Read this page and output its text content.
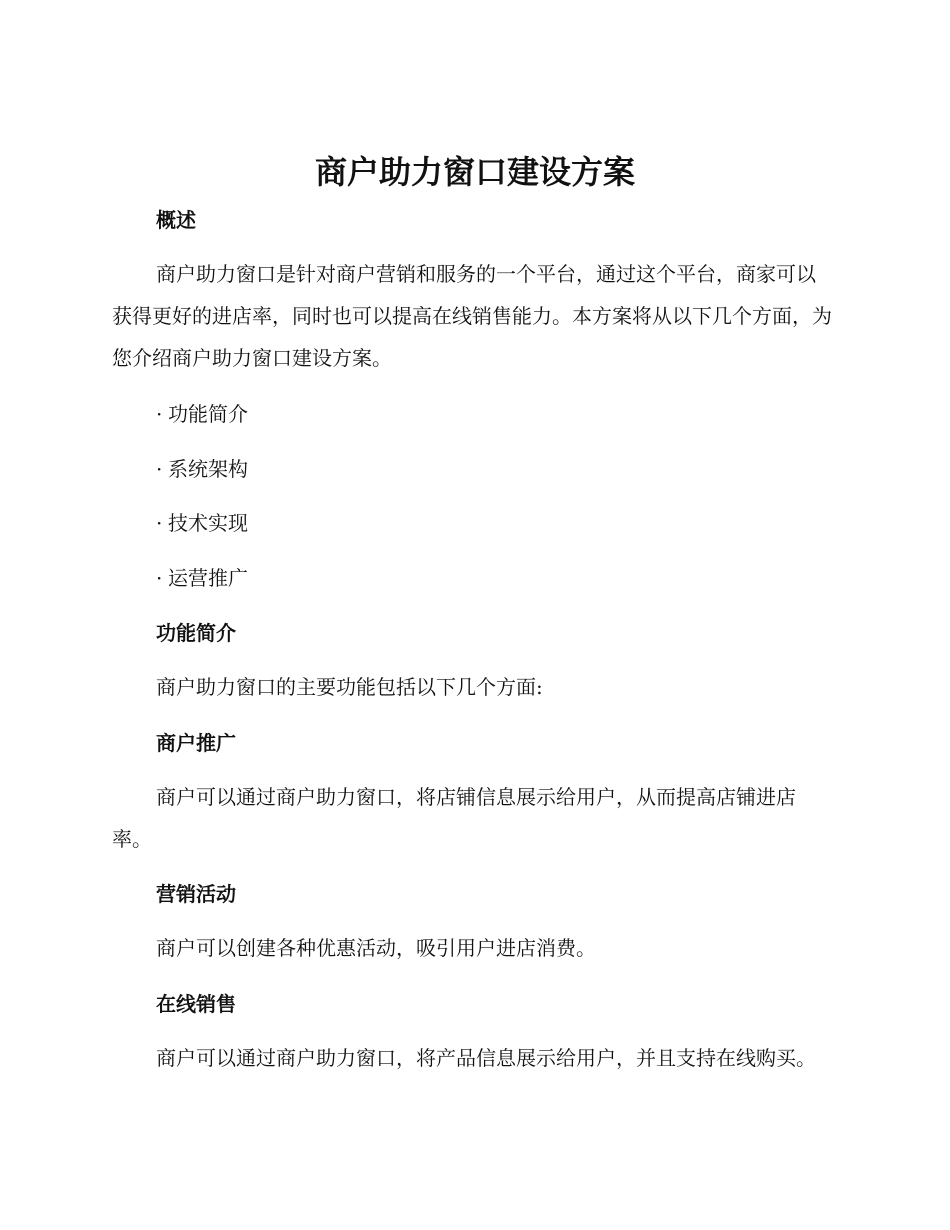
商户助力窗口建设方案
概述

商户助力窗口是针对商户营销和服务的一个平台，通过这个平台，商家可以获得更好的进店率，同时也可以提高在线销售能力。本方案将从以下几个方面，为您介绍商户助力窗口建设方案。

· 功能简介
· 系统架构
· 技术实现
· 运营推广
功能简介

商户助力窗口的主要功能包括以下几个方面:

商户推广

商户可以通过商户助力窗口，将店铺信息展示给用户，从而提高店铺进店率。

营销活动

商户可以创建各种优惠活动，吸引用户进店消费。

在线销售

商户可以通过商户助力窗口，将产品信息展示给用户，并且支持在线购买。
